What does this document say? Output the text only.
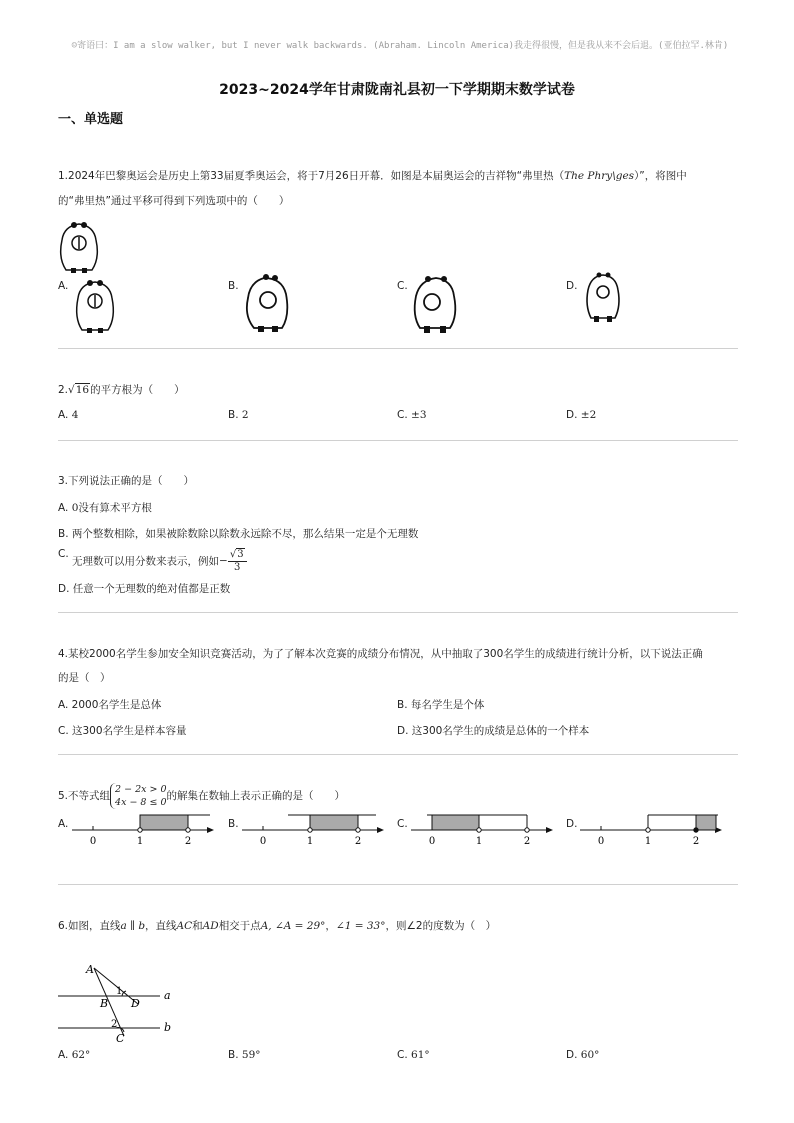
☺寄语曰：I am a slow walker, but I never walk backwards. (Abraham. Lincoln America)我走得很慢，但是我从来不会后退。(亚伯拉罕.林肯)
2023~2024学年甘肃陇南礼县初一下学期期末数学试卷
一、单选题
1.2024年巴黎奥运会是历史上第33届夏季奥运会，将于7月26日开幕．如图是本届奥运会的吉祥物“弗里热（The Phry\ges）”，将图中
的“弗里热”通过平移可得到下列选项中的（　　）
A.	B.	C.	D.
2.√16的平方根为（　　）
A. 4	B. 2	C. ±3	D. ±2
3.下列说法正确的是（　　）
A. 0没有算术平方根
B. 两个整数相除，如果被除数除以除数永远除不尽，那么结果一定是个无理数
C. 无理数可以用分数来表示，例如− $\frac{√3}{3}$
D. 任意一个无理数的绝对值都是正数
4.某校2000名学生参加安全知识竞赛活动，为了了解本次竞赛的成绩分布情况，从中抽取了300名学生的成绩进行统计分析，以下说法正确
的是（　）
A. 2000名学生是总体	B. 每名学生是个体
C. 这300名学生是样本容量	D. 这300名学生的成绩是总体的一个样本
5.不等式组
2 − 2x > 0
4x − 8 ≤ 0
的解集在数轴上表示正确的是（　　）
A.
0	1	2
B.
0	1	2
C.
0	1	2
D.
0	1	2
6.如图，直线a ∥ b，直线AC和AD相交于点A, ∠A = 29°，∠1 = 33°，则∠2的度数为（　）
A
B D
C
a
b
1
2
A. 62°	B. 59°	C. 61°	D. 60°
